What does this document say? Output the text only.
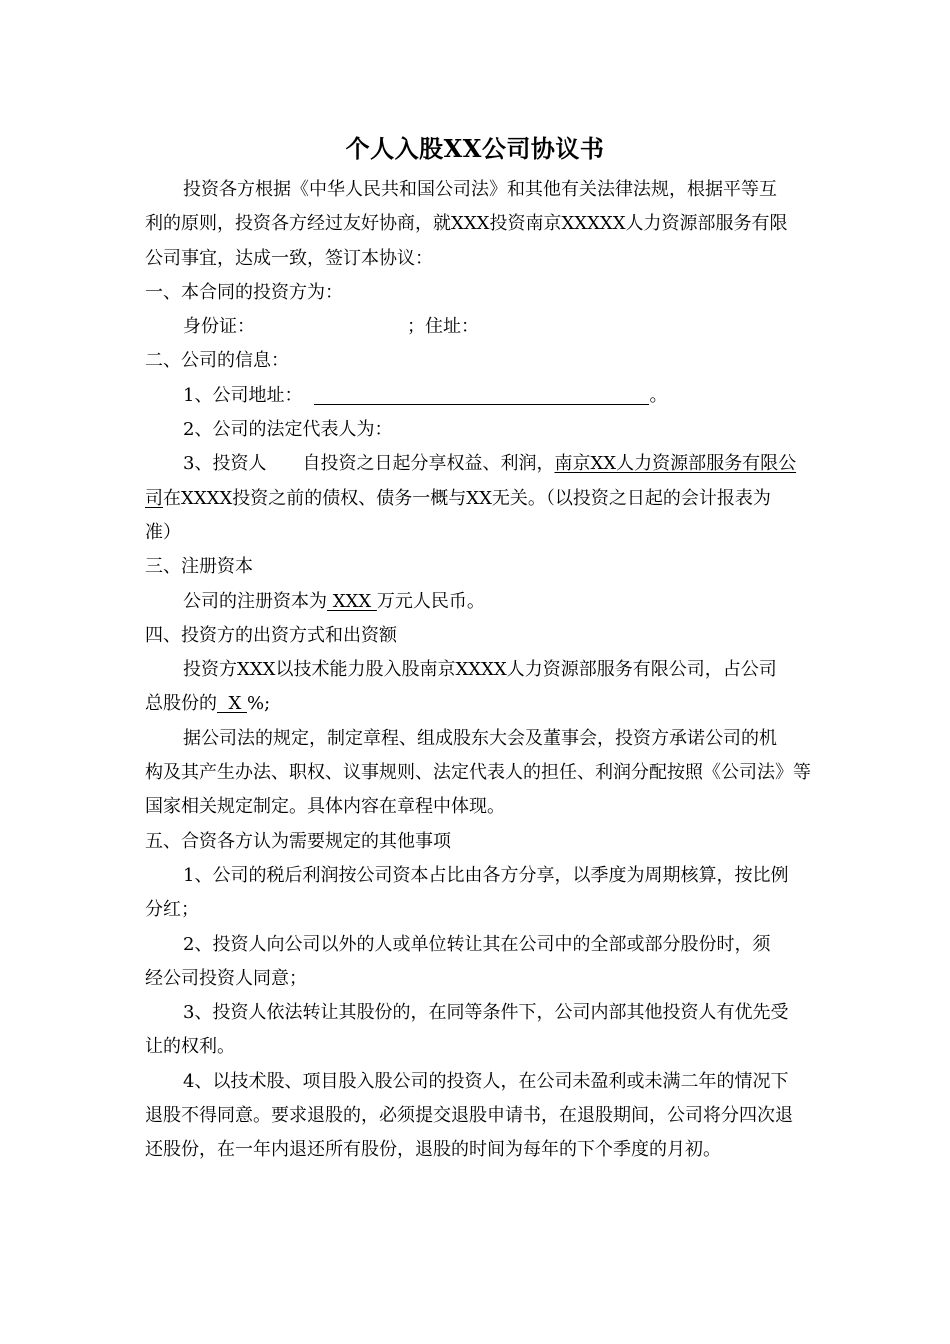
个人入股XX公司协议书
投资各方根据《中华人民共和国公司法》和其他有关法律法规，根据平等互
利的原则，投资各方经过友好协商，就XXX投资南京XXXXX人力资源部服务有限
公司事宜，达成一致，签订本协议：
一、本合同的投资方为：
身份证：	；住址：
二、公司的信息：
1、公司地址：	。
2、公司的法定代表人为：
3、投资人 自投资之日起分享权益、利润，南京XX人力资源部服务有限公
司在XXXX投资之前的债权、债务一概与XX无关。（以投资之日起的会计报表为
准）
三、注册资本
公司的注册资本为 XXX 万元人民币。
四、投资方的出资方式和出资额
投资方XXX以技术能力股入股南京XXXX人力资源部服务有限公司，占公司
总股份的  X %;
据公司法的规定，制定章程、组成股东大会及董事会，投资方承诺公司的机
构及其产生办法、职权、议事规则、法定代表人的担任、利润分配按照《公司法》等
国家相关规定制定。具体内容在章程中体现。
五、合资各方认为需要规定的其他事项
1、公司的税后利润按公司资本占比由各方分享，以季度为周期核算，按比例
分红；
2、投资人向公司以外的人或单位转让其在公司中的全部或部分股份时，须
经公司投资人同意；
3、投资人依法转让其股份的，在同等条件下，公司内部其他投资人有优先受
让的权利。
4、以技术股、项目股入股公司的投资人，在公司未盈利或未满二年的情况下
退股不得同意。要求退股的，必须提交退股申请书，在退股期间，公司将分四次退
还股份，在一年内退还所有股份，退股的时间为每年的下个季度的月初。
